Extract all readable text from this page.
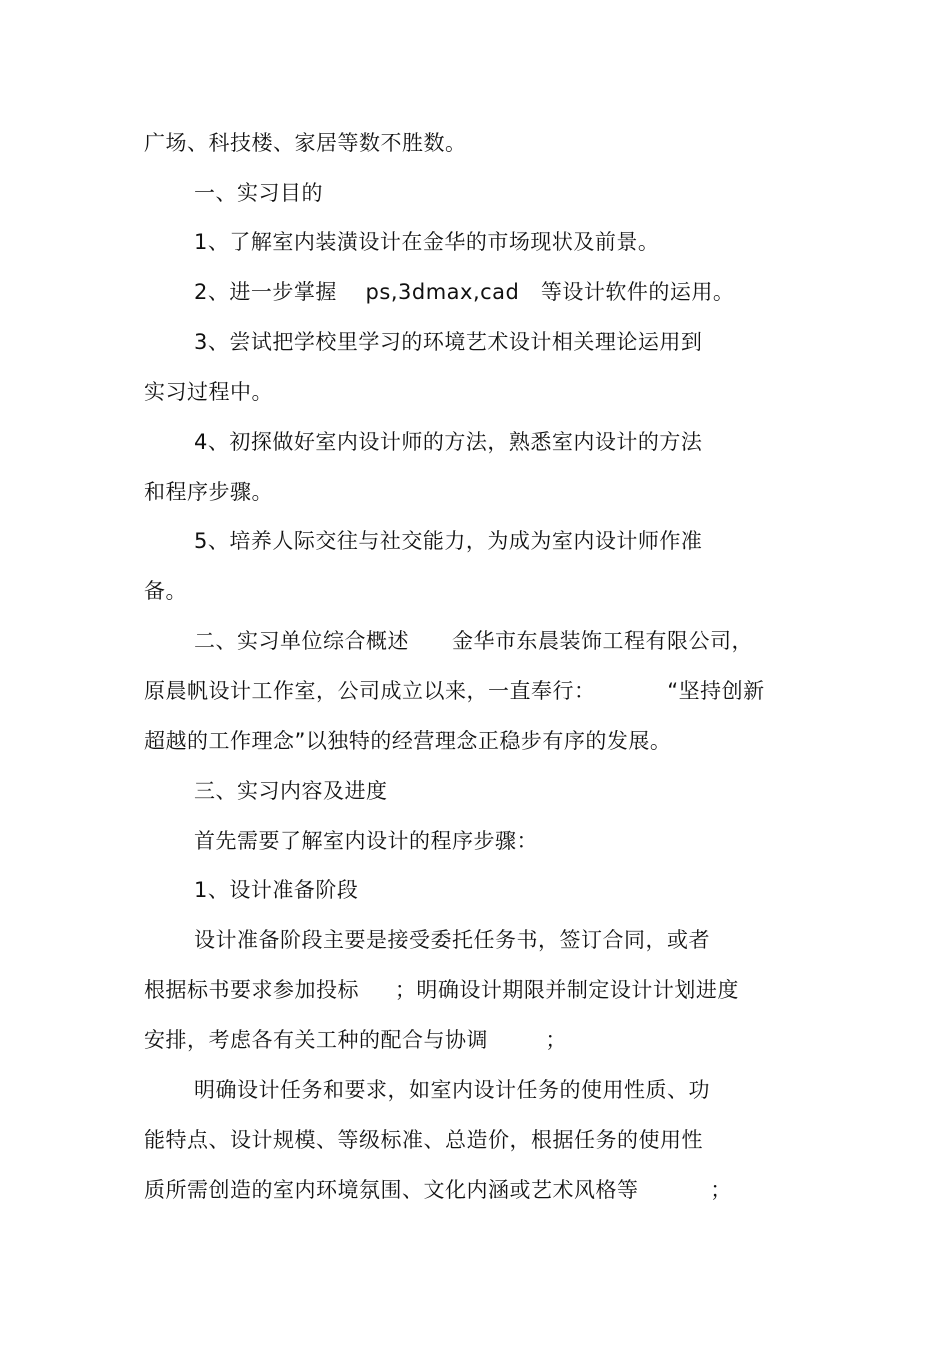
广场、科技楼、家居等数不胜数。
一、实习目的
1、了解室内装潢设计在金华的市场现状及前景。
2、进一步掌握    ps,3dmax,cad   等设计软件的运用。
3、尝试把学校里学习的环境艺术设计相关理论运用到
实习过程中。
4、初探做好室内设计师的方法，熟悉室内设计的方法
和程序步骤。
5、培养人际交往与社交能力，为成为室内设计师作准
备。
二、实习单位综合概述      金华市东晨装饰工程有限公司，
原晨帆设计工作室，公司成立以来，一直奉行：          “坚持创新
超越的工作理念”以独特的经营理念正稳步有序的发展。
三、实习内容及进度
首先需要了解室内设计的程序步骤：
1、设计准备阶段
设计准备阶段主要是接受委托任务书，签订合同，或者
根据标书要求参加投标     ；明确设计期限并制定设计计划进度
安排，考虑各有关工种的配合与协调        ；
明确设计任务和要求，如室内设计任务的使用性质、功
能特点、设计规模、等级标准、总造价，根据任务的使用性
质所需创造的室内环境氛围、文化内涵或艺术风格等          ；
